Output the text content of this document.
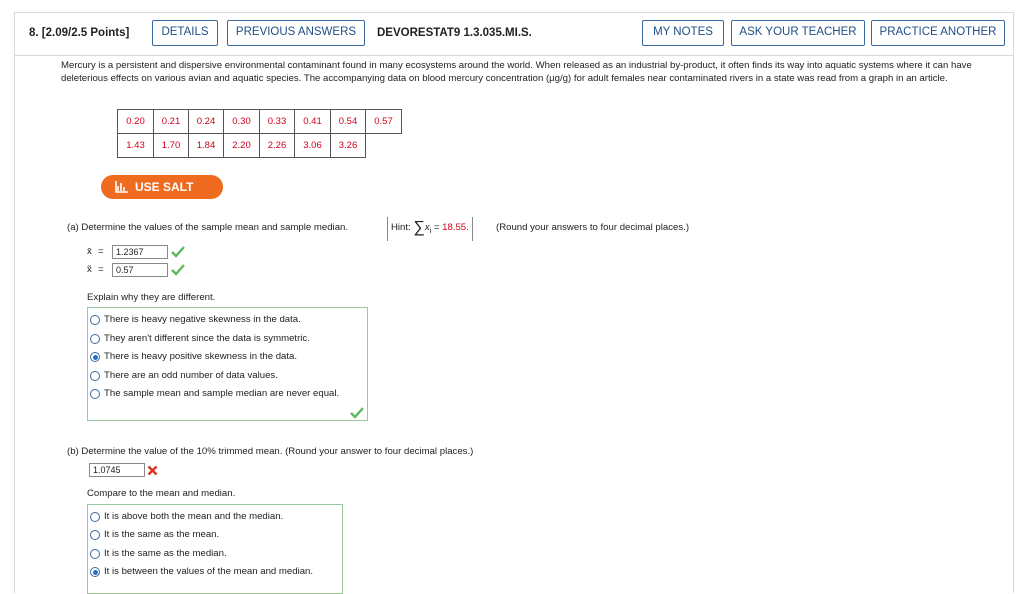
8. [2.09/2.5 Points]	DETAILS	PREVIOUS ANSWERS	DEVORESTAT9 1.3.035.MI.S.	MY NOTES	ASK YOUR TEACHER	PRACTICE ANOTHER
Mercury is a persistent and dispersive environmental contaminant found in many ecosystems around the world. When released as an industrial by-product, it often finds its way into aquatic systems where it can have deleterious effects on various avian and aquatic species. The accompanying data on blood mercury concentration (µg/g) for adult females near contaminated rivers in a state was read from a graph in an article.
0.20	0.21	0.24	0.30	0.33	0.41	0.54	0.57
1.43	1.70	1.84	2.20	2.26	3.06	3.26	
USE SALT
(a) Determine the values of the sample mean and sample median.	Hint: $\sum x_i = 18.55$.	(Round your answers to four decimal places.)
x̄ =	1.2367
x̃ =	0.57
Explain why they are different.
There is heavy negative skewness in the data.
They aren't different since the data is symmetric.
There is heavy positive skewness in the data.
There are an odd number of data values.
The sample mean and sample median are never equal.
(b) Determine the value of the 10% trimmed mean. (Round your answer to four decimal places.)
1.0745
Compare to the mean and median.
It is above both the mean and the median.
It is the same as the mean.
It is the same as the median.
It is between the values of the mean and median.
